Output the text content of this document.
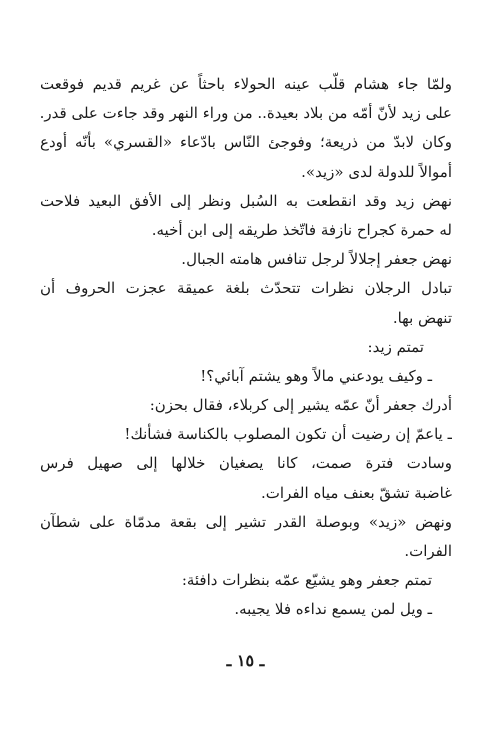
ولمّا جاء هشام قلّب عينه الحولاء باحثاً عن غريم قديم فوقعت
على زيد لأنّ أمّه من بلاد بعيدة.. من وراء النهر وقد جاءت على قدر.
وكان لابدّ من ذريعة؛ وفوجئ النّاس بادّعاء «القسري» بأنّه أودع
أموالاً للدولة لدى «زيد».
نهض زيد وقد انقطعت به السُبل ونظر إلى الأفق البعيد فلاحت
له حمرة كجراح نازفة فاتّخذ طريقه إلى ابن أخيه.
نهض جعفر إجلالاً لرجل تنافس هامته الجبال.
تبادل الرجلان نظرات تتحدّث بلغة عميقة عجزت الحروف أن
تنهض بها.
تمتم زيد:
ـ وكيف يودعني مالاً وهو يشتم آبائي؟!
أدرك جعفر أنّ عمّه يشير إلى كربلاء، فقال بحزن:
ـ ياعمّ إن رضيت أن تكون المصلوب بالكناسة فشأنك!
وسادت فترة صمت، كانا يصغيان خلالها إلى صهيل فرس
غاضبة تشقّ بعنف مياه الفرات.
ونهض «زيد» وبوصلة القدر تشير إلى بقعة مدمّاة على شطآن
الفرات.
تمتم جعفر وهو يشيّع عمّه بنظرات دافئة:
ـ ويل لمن يسمع نداءه فلا يجيبه.
ـ ١٥ ـ
